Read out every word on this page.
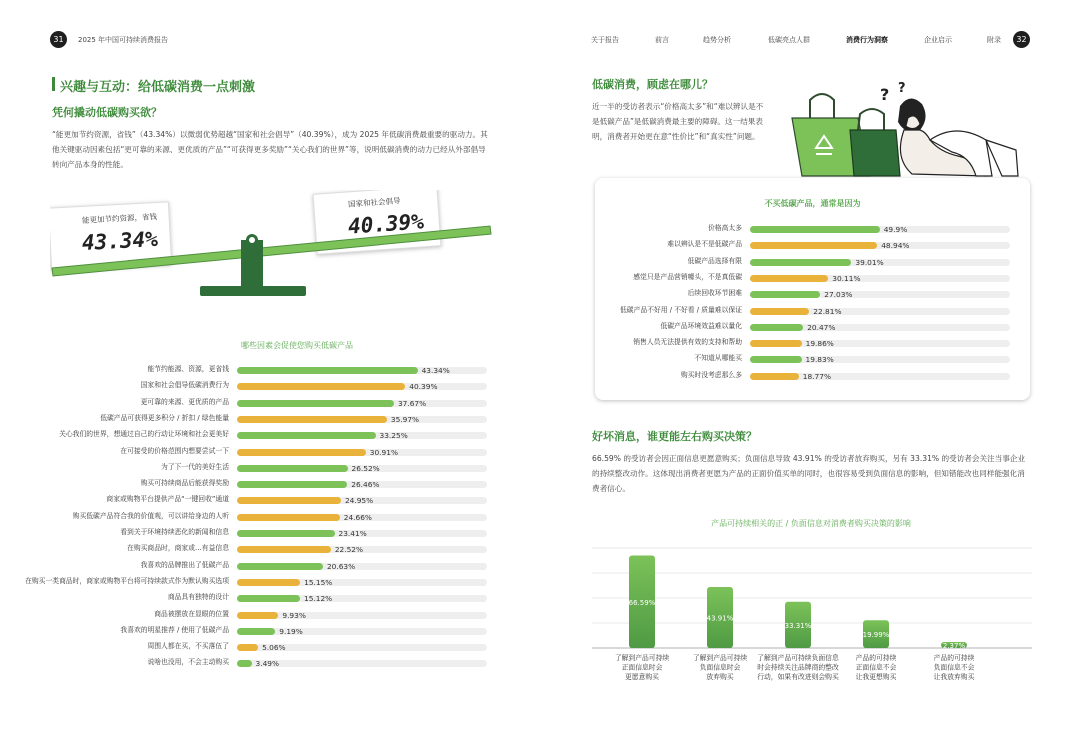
31	2025 年中国可持续消费报告	关于报告	前言	趋势分析	低碳亮点人群	消费行为洞察	企业启示	附录	32
兴趣与互动：给低碳消费一点刺激
凭何撬动低碳购买欲？
“能更加节约资源，省钱”（43.34%）以微弱优势超越“国家和社会倡导”（40.39%），成为 2025 年低碳消费最重要的驱动力。其他关键驱动因素包括“更可靠的来源、更优质的产品”“可获得更多奖励”“关心我们的世界”等，说明低碳消费的动力已经从外部倡导转向产品本身的性能。
能更加节约资源，省钱
43.34%
国家和社会倡导
40.39%
哪些因素会促使您购买低碳产品
能节约能源、资源，更省钱	43.34%
国家和社会倡导低碳消费行为	40.39%
更可靠的来源、更优质的产品	37.67%
低碳产品可获得更多积分 / 折扣 / 绿色能量	35.97%
关心我们的世界，想通过自己的行动让环境和社会更美好	33.25%
在可接受的价格范围内想要尝试一下	30.91%
为了下一代的美好生活	26.52%
购买可持续商品后能获得奖励	26.46%
商家或购物平台提供产品“一键回收”通道	24.95%
购买低碳产品符合我的价值观，可以讲给身边的人听	24.66%
看到关于环境持续恶化的新闻和信息	23.41%
在购买商品时，商家或…有益信息	22.52%
我喜欢的品牌推出了低碳产品	20.63%
在购买一类商品时，商家或购物平台将可持续款式作为默认购买选项	15.15%
商品具有独特的设计	15.12%
商品被摆放在显眼的位置	9.93%
我喜欢的明星推荐 / 使用了低碳产品	9.19%
周围人都在买，不买落伍了	5.06%
说啥也没用，不会主动购买	3.49%
低碳消费，顾虑在哪儿？
近一半的受访者表示“价格高太多”和“难以辨认是不是低碳产品”是低碳消费最主要的障碍。这一结果表明，消费者开始更在意“性价比”和“真实性”问题。
? ?
不买低碳产品，通常是因为
价格高太多	49.9%
难以辨认是不是低碳产品	48.94%
低碳产品选择有限	39.01%
感觉只是产品营销噱头，不是真低碳	30.11%
后续回收环节困难	27.03%
低碳产品不好用 / 不好看 / 质量难以保证	22.81%
低碳产品环境效益难以量化	20.47%
销售人员无法提供有效的支持和帮助	19.86%
不知道从哪能买	19.83%
购买时没考虑那么多	18.77%
好坏消息，谁更能左右购买决策？
66.59% 的受访者会因正面信息更愿意购买；负面信息导致 43.91% 的受访者放弃购买，另有 33.31% 的受访者会关注当事企业的持续整改动作。这体现出消费者更愿为产品的正面价值买单的同时，也很容易受到负面信息的影响，但知错能改也同样能强化消费者信心。
产品可持续相关的正 / 负面信息对消费者购买决策的影响
66.59%
了解到产品可持续
正面信息时会
更愿意购买
43.91%
了解到产品可持续
负面信息时会
放弃购买
33.31%
了解到产品可持续负面信息
时会持续关注品牌商的整改
行动，如果有改进则会购买
19.99%
产品的可持续
正面信息不会
让我更想购买
2.37%
产品的可持续
负面信息不会
让我放弃购买
